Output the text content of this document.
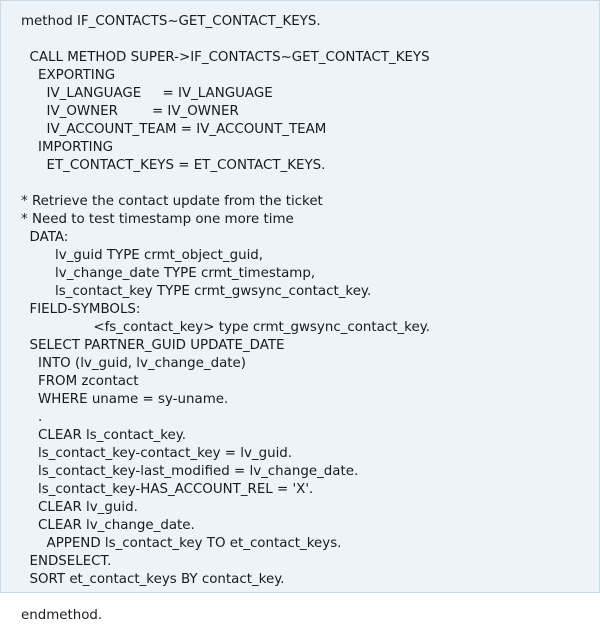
method IF_CONTACTS~GET_CONTACT_KEYS.
CALL METHOD SUPER->IF_CONTACTS~GET_CONTACT_KEYS
EXPORTING
IV_LANGUAGE     = IV_LANGUAGE
IV_OWNER        = IV_OWNER
IV_ACCOUNT_TEAM = IV_ACCOUNT_TEAM
IMPORTING
ET_CONTACT_KEYS = ET_CONTACT_KEYS.
* Retrieve the contact update from the ticket
* Need to test timestamp one more time
DATA:
lv_guid TYPE crmt_object_guid,
lv_change_date TYPE crmt_timestamp,
ls_contact_key TYPE crmt_gwsync_contact_key.
FIELD-SYMBOLS:
<fs_contact_key> type crmt_gwsync_contact_key.
SELECT PARTNER_GUID UPDATE_DATE
INTO (lv_guid, lv_change_date)
FROM zcontact
WHERE uname = sy-uname.
.
CLEAR ls_contact_key.
ls_contact_key-contact_key = lv_guid.
ls_contact_key-last_modified = lv_change_date.
ls_contact_key-HAS_ACCOUNT_REL = 'X'.
CLEAR lv_guid.
CLEAR lv_change_date.
APPEND ls_contact_key TO et_contact_keys.
ENDSELECT.
SORT et_contact_keys BY contact_key.
endmethod.
